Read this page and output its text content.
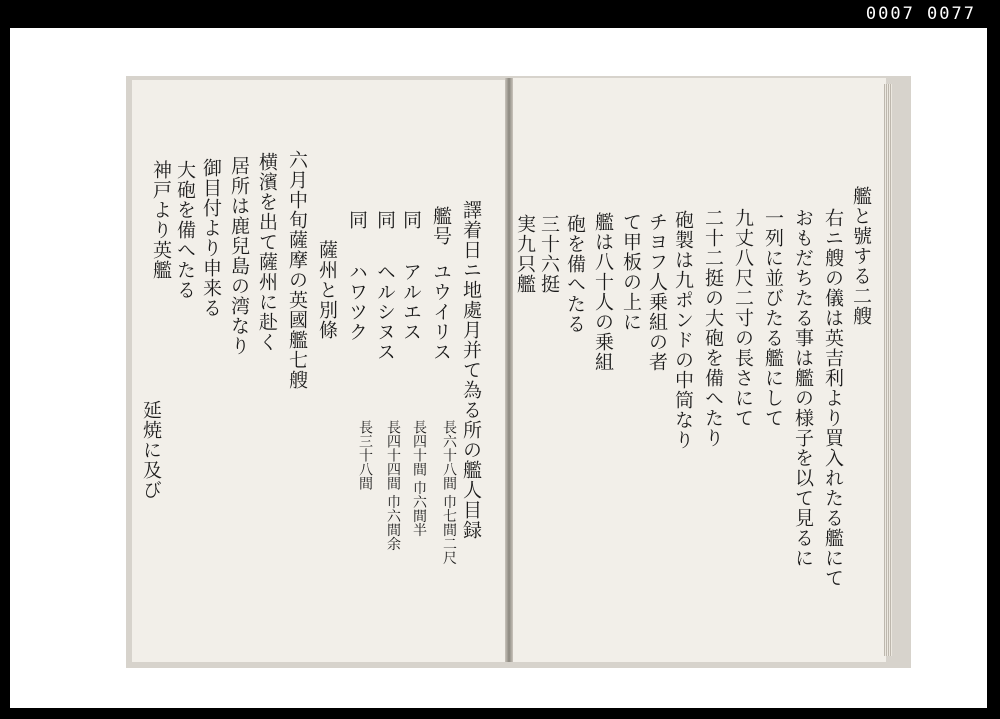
0007 0077
艦と號する二艘
右ニ艘の儀は英吉利より買入れたる艦にて
おもだちたる事は艦の様子を以て見るに
一列に並びたる艦にして
九丈八尺二寸の長さにて
二十二挺の大砲を備へたり
砲製は九ポンドの中筒なり
チヨフ人乗組の者
て甲板の上に
艦は八十人の乗組
砲を備へたる
三十六挺
実九只艦
譯着日ニ地處月并て為る所の艦人目録
艦号
ユウイリス
長六十八間 巾七間二尺
同
アルエス
長四十間 巾六間半
同
ヘルシヌス
長四十四間 巾六間余
同
ハワツク
長三十八間
薩州と別條
六月中旬薩摩の英國艦七艘
横濱を出て薩州に赴く
居所は鹿兒島の湾なり
御目付より申来る
大砲を備へたる
神戸より英艦
延焼に及び
